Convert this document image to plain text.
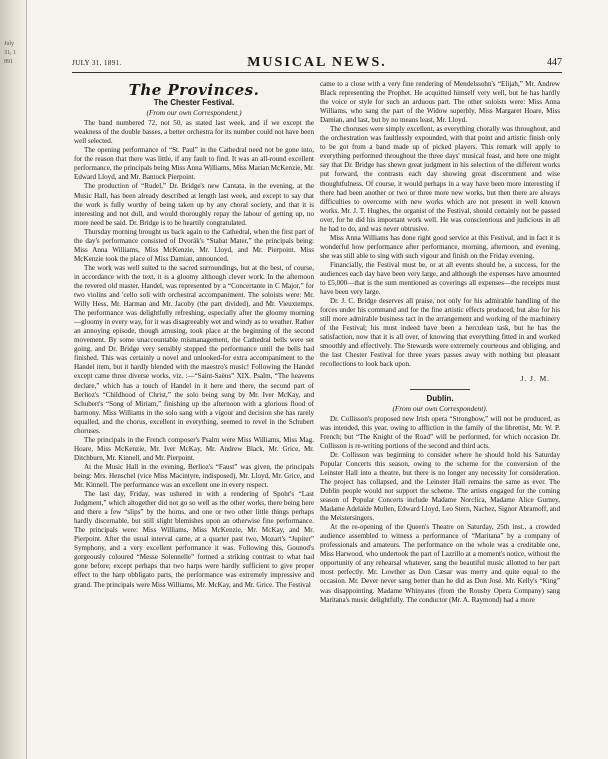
July 31, 1891	JULY 31, 1891.	MUSICAL NEWS.	447
The Provinces.
The Chester Festival.
(From our own Correspondent.)

The band numbered 72, not 50, as stated last week, and if we except the weakness of the double basses, a better orchestra for its number could not have been well selected.

The opening performance of “St. Paul” in the Cathedral need not be gone into, for the reason that there was little, if any fault to find. It was an all-round excellent performance, the principals being Miss Anna Williams, Miss Marian McKenzie, Mr. Edward Lloyd, and Mr. Bantock Pierpoint.

The production of “Rudel,” Dr. Bridge's new Cantata, in the evening, at the Music Hall, has been already described at length last week, and except to say that the work is fully worthy of being taken up by any choral society, and that it is interesting and not dull, and would thoroughly repay the labour of getting up, no more need be said. Dr. Bridge is to be heartily congratulated.

Thursday morning brought us back again to the Cathedral, when the first part of the day's performance consisted of Dvorák's “Stabat Mater,” the principals being: Miss Anna Williams, Miss McKenzie, Mr. Lloyd, and Mr. Pierpoint. Miss McKenzie took the place of Miss Damian, announced.

The work was well suited to the sacred surroundings, but at the best, of course, in accordance with the text, it is a gloomy although clever work. In the afternoon the revered old master, Handel, was represented by a “Concertante in C Major,” for two violins and 'cello soli with orchestral accompaniment. The soloists were: Mr. Willy Hess, Mr. Harman and Mr. Jacoby (the part divided), and Mr. Vieuxtemps. The performance was delightfully refreshing, especially after the gloomy morning—gloomy in every way, for it was disagreeably wet and windy as to weather. Rather an annoying episode, though amusing, took place at the beginning of the second movement. By some unaccountable mismanagement, the Cathedral bells were set going, and Dr. Bridge very sensibly stopped the performance until the bells had finished. This was certainly a novel and unlooked-for extra accompaniment to the Handel item, but it hardly blended with the maestro's music! Following the Handel except came three diverse works, viz. :—“Saint-Saëns” XIX. Psalm, “The heavens declare,” which has a touch of Handel in it here and there, the second part of Berlioz's “Childhood of Christ,” the solo being sung by Mr. Iver McKay, and Schubert's “Song of Miriam,” finishing up the afternoon with a glorious flood of harmony. Miss Williams in the solo sang with a vigour and decision she has rarely equalled, and the chorus, excellent in everything, seemed to revel in the Schubert choruses.

The principals in the French composer's Psalm were Miss Williams, Miss Mag. Hoare, Miss McKenzie, Mr. Iver McKay, Mr. Andrew Black, Mr. Grice, Mr. Ditchburn, Mr. Kinnell, and Mr. Pierpoint.

At the Music Hall in the evening, Berlioz's “Faust” was given, the principals being: Mrs. Henschel (vice Miss Macintyre, indisposed), Mr. Lloyd, Mr. Grice, and Mr. Kinnell. The performance was an excellent one in every respect.

The last day, Friday, was ushered in with a rendering of Spohr's “Last Judgment,” which altogether did not go so well as the other works, there being here and there a few “slips” by the horns, and one or two other little things perhaps hardly discernable, but still slight blemishes upon an otherwise fine performance. The principals were: Miss Williams, Miss McKenzie, Mr. McKay, and Mr. Pierpoint. After the usual interval came, at a quarter past two, Mozart's “Jupiter” Symphony, and a very excellent performance it was. Following this, Gounod's gorgeously coloured “Messe Solennelle” formed a striking contrast to what had gone before; except perhaps that two harps were hardly sufficient to give proper effect to the harp obbligato parts, the performance was extremely impressive and grand. The principals were Miss Williams, Mr. McKay, and Mr. Grice. The Festival

came to a close with a very fine rendering of Mendelssohn's “Elijah,” Mr. Andrew Black representing the Prophet. He acquitted himself very well, but he has hardly the voice or style for such an arduous part. The other soloists were: Miss Anna Williams, who sang the part of the Widow superbly, Miss Margaret Hoare, Miss Damian, and last, but by no means least, Mr. Lloyd.

The choruses were simply excellent, as everything chorally was throughout, and the orchestration was faultlessly expounded, with that point and artistic finish only to be got from a band made up of picked players. This remark will apply to everything performed throughout the three days' musical feast, and here one might say that Dr. Bridge has shewn great judgment in his selection of the different works put forward, the contrasts each day showing great discernment and wise thoughtfulness. Of course, it would perhaps in a way have been more interesting if there had been another or two or three more new works, but then there are always difficulties to overcome with new works which are not present in well known works. Mr. J. T. Hughes, the organist of the Festival, should certainly not be passed over, for he did his important work well. He was conscientious and judicious in all he had to do, and was never obtrusive.

Miss Anna Williams has done right good service at this Festival, and in fact it is wonderful how performance after performance, morning, afternoon, and evening, she was still able to sing with such vigour and finish on the Friday evening.

Financially, the Festival must be, or at all events should be, a success, for the audiences each day have been very large, and although the expenses have amounted to £5,000—that is the sum mentioned as coverings all expenses—the receipts must have been very large.

Dr. J. C. Bridge deserves all praise, not only for his admirable handling of the forces under his command and for the fine artistic effects produced, but also for his still more admirable business tact in the arrangement and working of the machinery of the Festival; his must indeed have been a herculean task, but he has the satisfaction, now that it is all over, of knowing that everything fitted in and worked smoothly and effectively. The Stewards were extremely courteous and obliging, and the last Chester Festival for three years passes away with nothing but pleasant recollections to look back upon.

J. J. M.
Dublin.
(From our own Correspondent).

Dr. Collisson's proposed new Irish opera “Strongbow,” will not be produced, as was intended, this year, owing to affliction in the family of the librettist, Mr. W. P. French; but “The Knight of the Road” will be performed, for which occasion Dr. Collisson is re-writing portions of the second and third acts.

Dr. Collisson was beginning to consider where he should hold his Saturday Popular Concerts this season, owing to the scheme for the conversion of the Leinster Hall into a theatre, but there is no longer any necessity for consideration. The project has collapsed, and the Leinster Hall remains the same as ever. The Dublin people would not support the scheme. The artists engaged for the coming season of Popular Concerts include Madame Norclica, Madame Alice Gurney, Madame Adelaide Mullen, Edward Lloyd, Leo Stern, Nachez, Signor Abramoff, and the Meistersingers.

At the re-opening of the Queen's Theatre on Saturday, 25th inst., a crowded audience assembled to witness a performance of “Maritana” by a company of professionals and amateurs. The performance on the whole was a creditable one, Miss Harwood, who undertook the part of Lazrillo at a moment's notice, without the opportunity of any rehearsal whatever, sang the beautiful music allotted to her part most perfectly. Mr. Lowther as Don Cæsar was merry and quite equal to the occasion. Mr. Dever never sang better than he did as Don José. Mr. Kelly's “King” was disappointing. Madame Whinyates (from the Rousby Opera Company) sang Maritana's music delightfully. The conductor (Mr. A. Raymond) had a more
